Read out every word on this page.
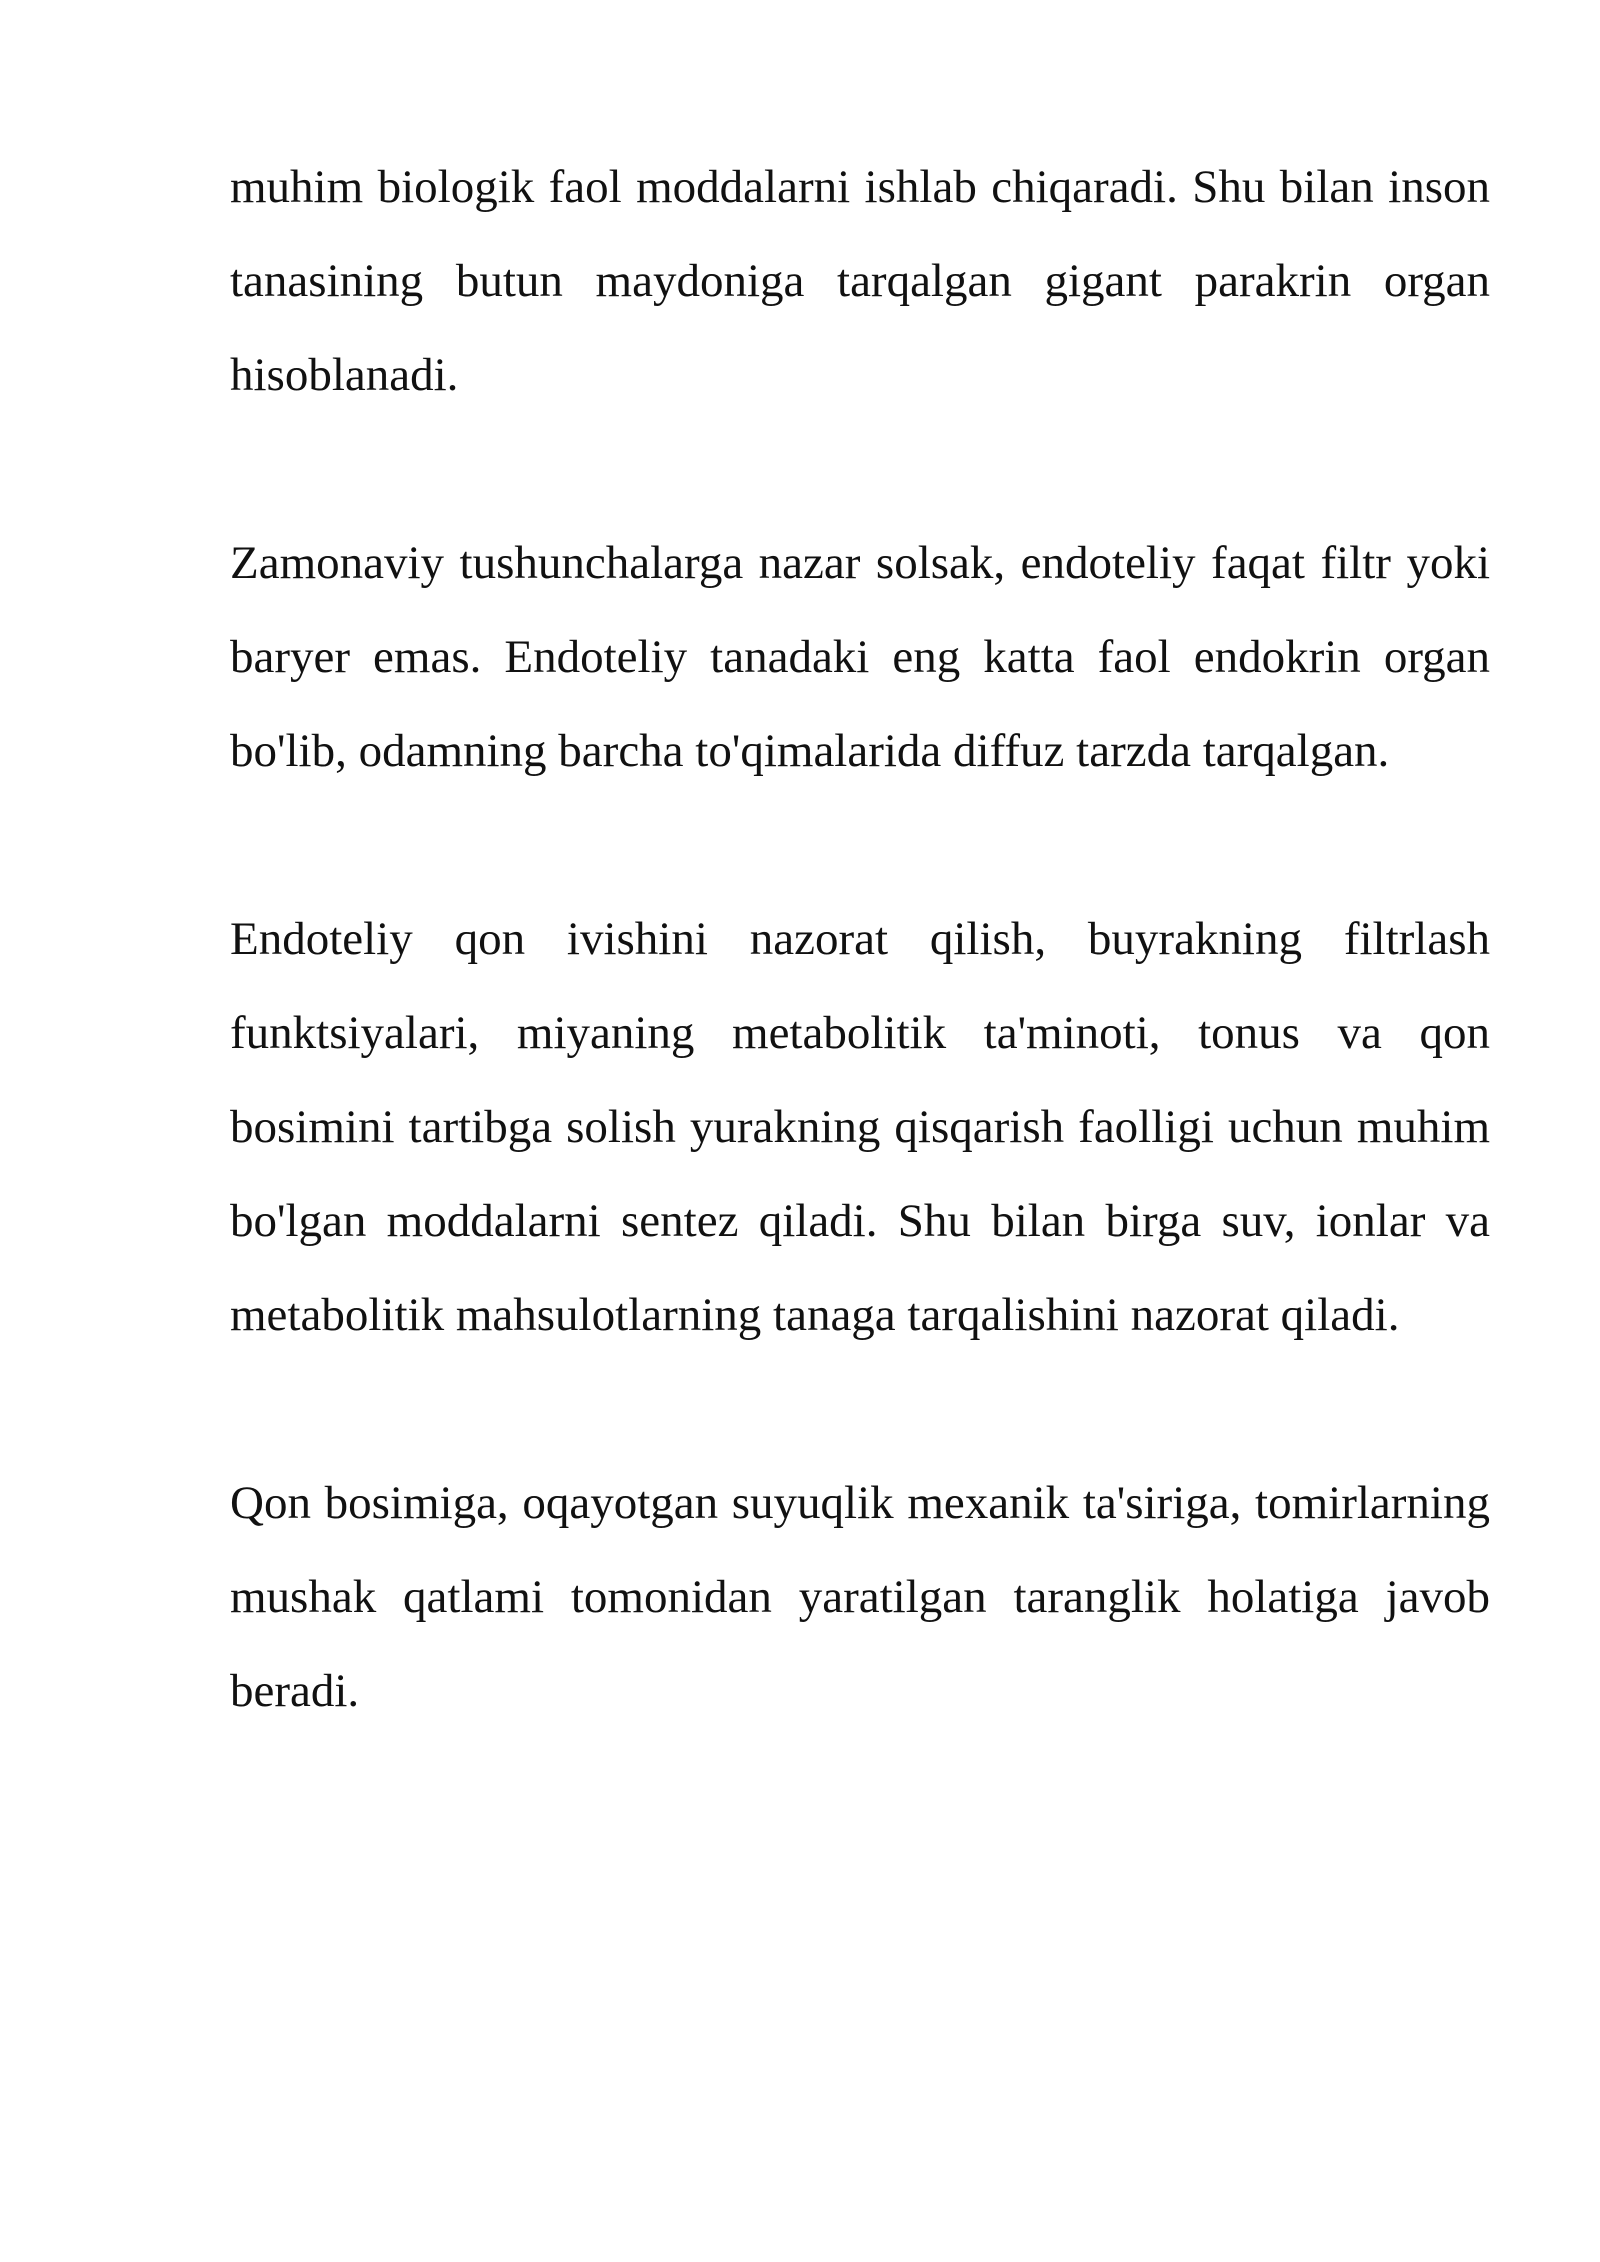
muhim biologik faol moddalarni ishlab chiqaradi. Shu bilan inson tanasining butun maydoniga tarqalgan gigant parakrin organ hisoblanadi.

Zamonaviy tushunchalarga nazar solsak, endoteliy faqat filtr yoki baryer emas. Endoteliy tanadaki eng katta faol endokrin organ bo'lib, odamning barcha to'qimalarida diffuz tarzda tarqalgan.

Endoteliy qon ivishini nazorat qilish, buyrakning filtrlash funktsiyalari, miyaning metabolitik ta'minoti, tonus va qon bosimini tartibga solish yurakning qisqarish faolligi uchun muhim bo'lgan moddalarni sentez qiladi. Shu bilan birga suv, ionlar va metabolitik mahsulotlarning tanaga tarqalishini nazorat qiladi.

Qon bosimiga, oqayotgan suyuqlik mexanik ta'siriga, tomirlarning mushak qatlami tomonidan yaratilgan taranglik holatiga javob beradi.
